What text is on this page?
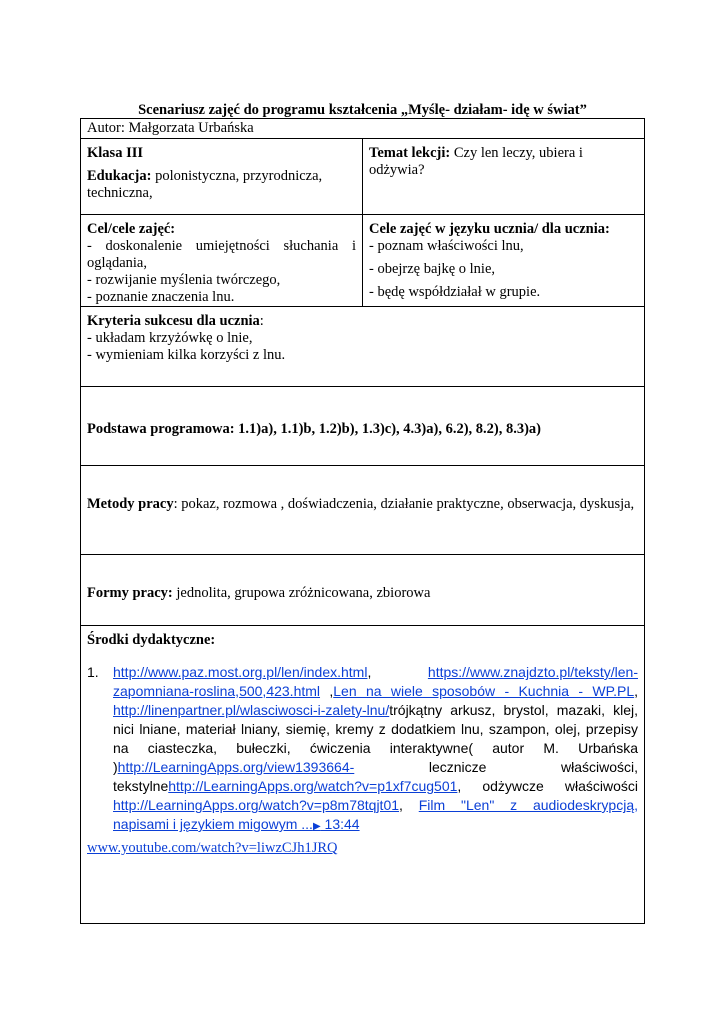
Scenariusz zajęć do programu kształcenia „Myślę- działam- idę w świat”
Autor: Małgorzata Urbańska

Klasa III

Edukacja: polonistyczna, przyrodnicza, techniczna,

Temat lekcji: Czy len leczy, ubiera i odżywia?

Cel/cele zajęć:

- doskonalenie umiejętności słuchania i oglądania,

- rozwijanie myślenia twórczego,

- poznanie znaczenia lnu.

Cele zajęć w języku ucznia/ dla ucznia:

- poznam właściwości lnu,

- obejrzę bajkę o lnie,

- będę współdziałał w grupie.

Kryteria sukcesu dla ucznia:

- układam krzyżówkę o lnie,

- wymieniam kilka korzyści z lnu.

Podstawa programowa: 1.1)a), 1.1)b, 1.2)b), 1.3)c), 4.3)a), 6.2), 8.2), 8.3)a)

Metody pracy: pokaz, rozmowa , doświadczenia, działanie praktyczne, obserwacja, dyskusja,

Formy pracy: jednolita, grupowa zróżnicowana, zbiorowa

Środki dydaktyczne:

1.	http://www.paz.most.org.pl/len/index.html, https://www.znajdzto.pl/teksty/len-zapomniana-roslina,500,423.html ,Len na wiele sposobów - Kuchnia - WP.PL, http://linenpartner.pl/wlasciwosci-i-zalety-lnu/trójkątny arkusz, brystol, mazaki, klej, nici lniane, materiał lniany, siemię, kremy z dodatkiem lnu, szampon, olej, przepisy na ciasteczka, bułeczki, ćwiczenia interaktywne( autor M. Urbańska )http://LearningApps.org/view1393664- lecznicze właściwości, tekstylnehttp://LearningApps.org/watch?v=p1xf7cug501, odżywcze właściwości http://LearningApps.org/watch?v=p8m78tqjt01, Film "Len" z audiodeskrypcją, napisami i językiem migowym ...▶ 13:44

www.youtube.com/watch?v=liwzCJh1JRQ
